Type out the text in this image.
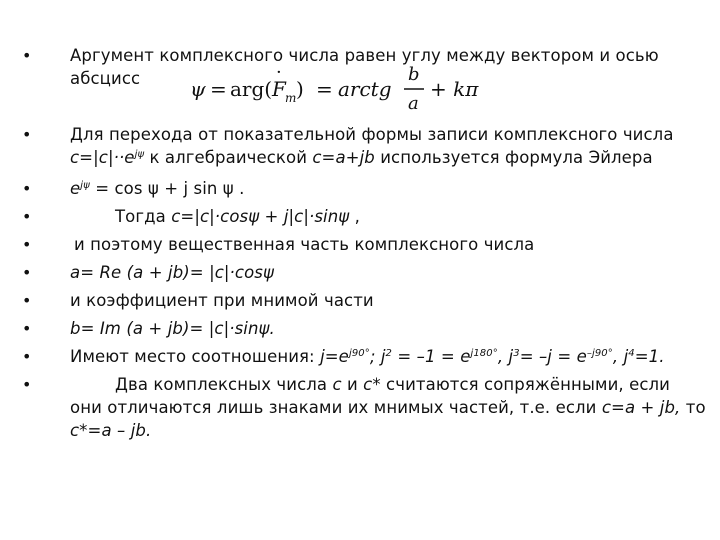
•
•
•
•
•
•
•
•
•
•
Аргумент комплексного числа равен углу между вектором и осью
абсцисс ψ = arg( F
·
m ) = arctg
b
a
+ kπ
Для перехода от показательной формы записи комплексного числа
$c=|c|\cdot\cdot e^{j\psi}$ к алгебраической c=a+jb используется формула Эйлера
$e^{j\psi} = \cos \psi + j$ sin ψ .
Тогда c=|c|·cosψ + j|c|·sinψ ,
и поэтому вещественная часть комплексного числа
a= Re (a + jb)= |c|·cosψ
и коэффициент при мнимой части
b= Im (a + jb)= |c|·sinψ.
Имеют место соотношения: $j=e^{j90^\circ}$; $j^2 = -1 = e^{j180^\circ}$, $j^3= -j = e^{-j90^\circ}$, $j^4=1$.
Два комплексных числа c и c* считаются сопряжёнными, если
они отличаются лишь знаками их мнимых частей, т.е. если c=a + jb, то
c*=a – jb.
